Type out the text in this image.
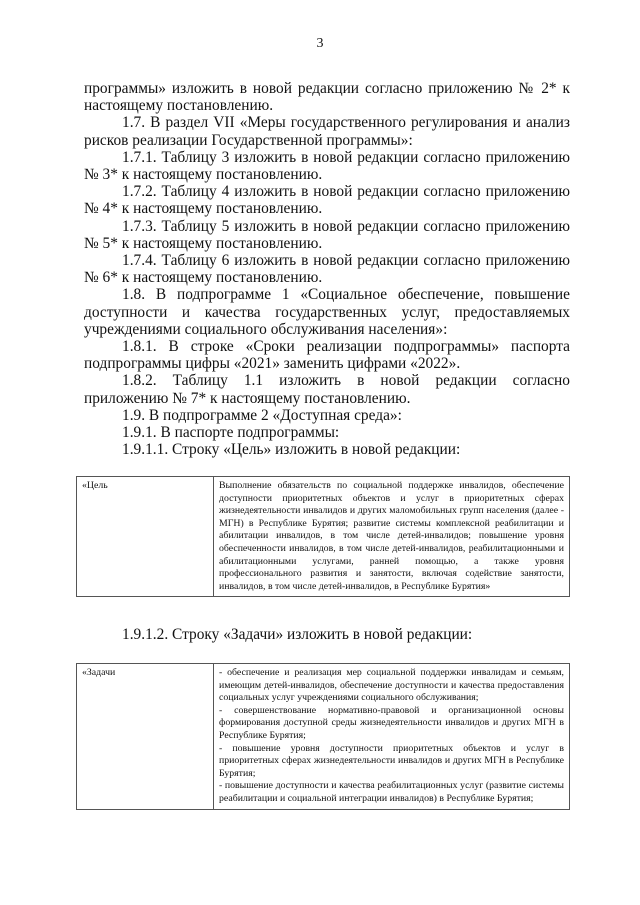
3

программы» изложить в новой редакции согласно приложению № 2* к настоящему постановлению.

1.7. В раздел VII «Меры государственного регулирования и анализ рисков реализации Государственной программы»:

1.7.1. Таблицу 3 изложить в новой редакции согласно приложению № 3* к настоящему постановлению.

1.7.2. Таблицу 4 изложить в новой редакции согласно приложению № 4* к настоящему постановлению.

1.7.3. Таблицу 5 изложить в новой редакции согласно приложению № 5* к настоящему постановлению.

1.7.4. Таблицу 6 изложить в новой редакции согласно приложению № 6* к настоящему постановлению.

1.8. В подпрограмме 1 «Социальное обеспечение, повышение доступности и качества государственных услуг, предоставляемых учреждениями социального обслуживания населения»:

1.8.1. В строке «Сроки реализации подпрограммы» паспорта подпрограммы цифры «2021» заменить цифрами «2022».

1.8.2. Таблицу 1.1 изложить в новой редакции согласно приложению № 7* к настоящему постановлению.

1.9. В подпрограмме 2 «Доступная среда»:

1.9.1. В паспорте подпрограммы:

1.9.1.1. Строку «Цель» изложить в новой редакции:

«Цель	Выполнение обязательств по социальной поддержке инвалидов, обеспечение доступности приоритетных объектов и услуг в приоритетных сферах жизнедеятельности инвалидов и других маломобильных групп населения (далее - МГН) в Республике Бурятия; развитие системы комплексной реабилитации и абилитации инвалидов, в том числе детей-инвалидов; повышение уровня обеспеченности инвалидов, в том числе детей-инвалидов, реабилитационными и абилитационными услугами, ранней помощью, а также уровня профессионального развития и занятости, включая содействие занятости, инвалидов, в том числе детей-инвалидов, в Республике Бурятия»

1.9.1.2. Строку «Задачи» изложить в новой редакции:

«Задачи	- обеспечение и реализация мер социальной поддержки инвалидам и семьям, имеющим детей-инвалидов, обеспечение доступности и качества предоставления социальных услуг учреждениями социального обслуживания;

- совершенствование нормативно-правовой и организационной основы формирования доступной среды жизнедеятельности инвалидов и других МГН в Республике Бурятия;

- повышение уровня доступности приоритетных объектов и услуг в приоритетных сферах жизнедеятельности инвалидов и других МГН в Республике Бурятия;

- повышение доступности и качества реабилитационных услуг (развитие системы реабилитации и социальной интеграции инвалидов) в Республике Бурятия;
